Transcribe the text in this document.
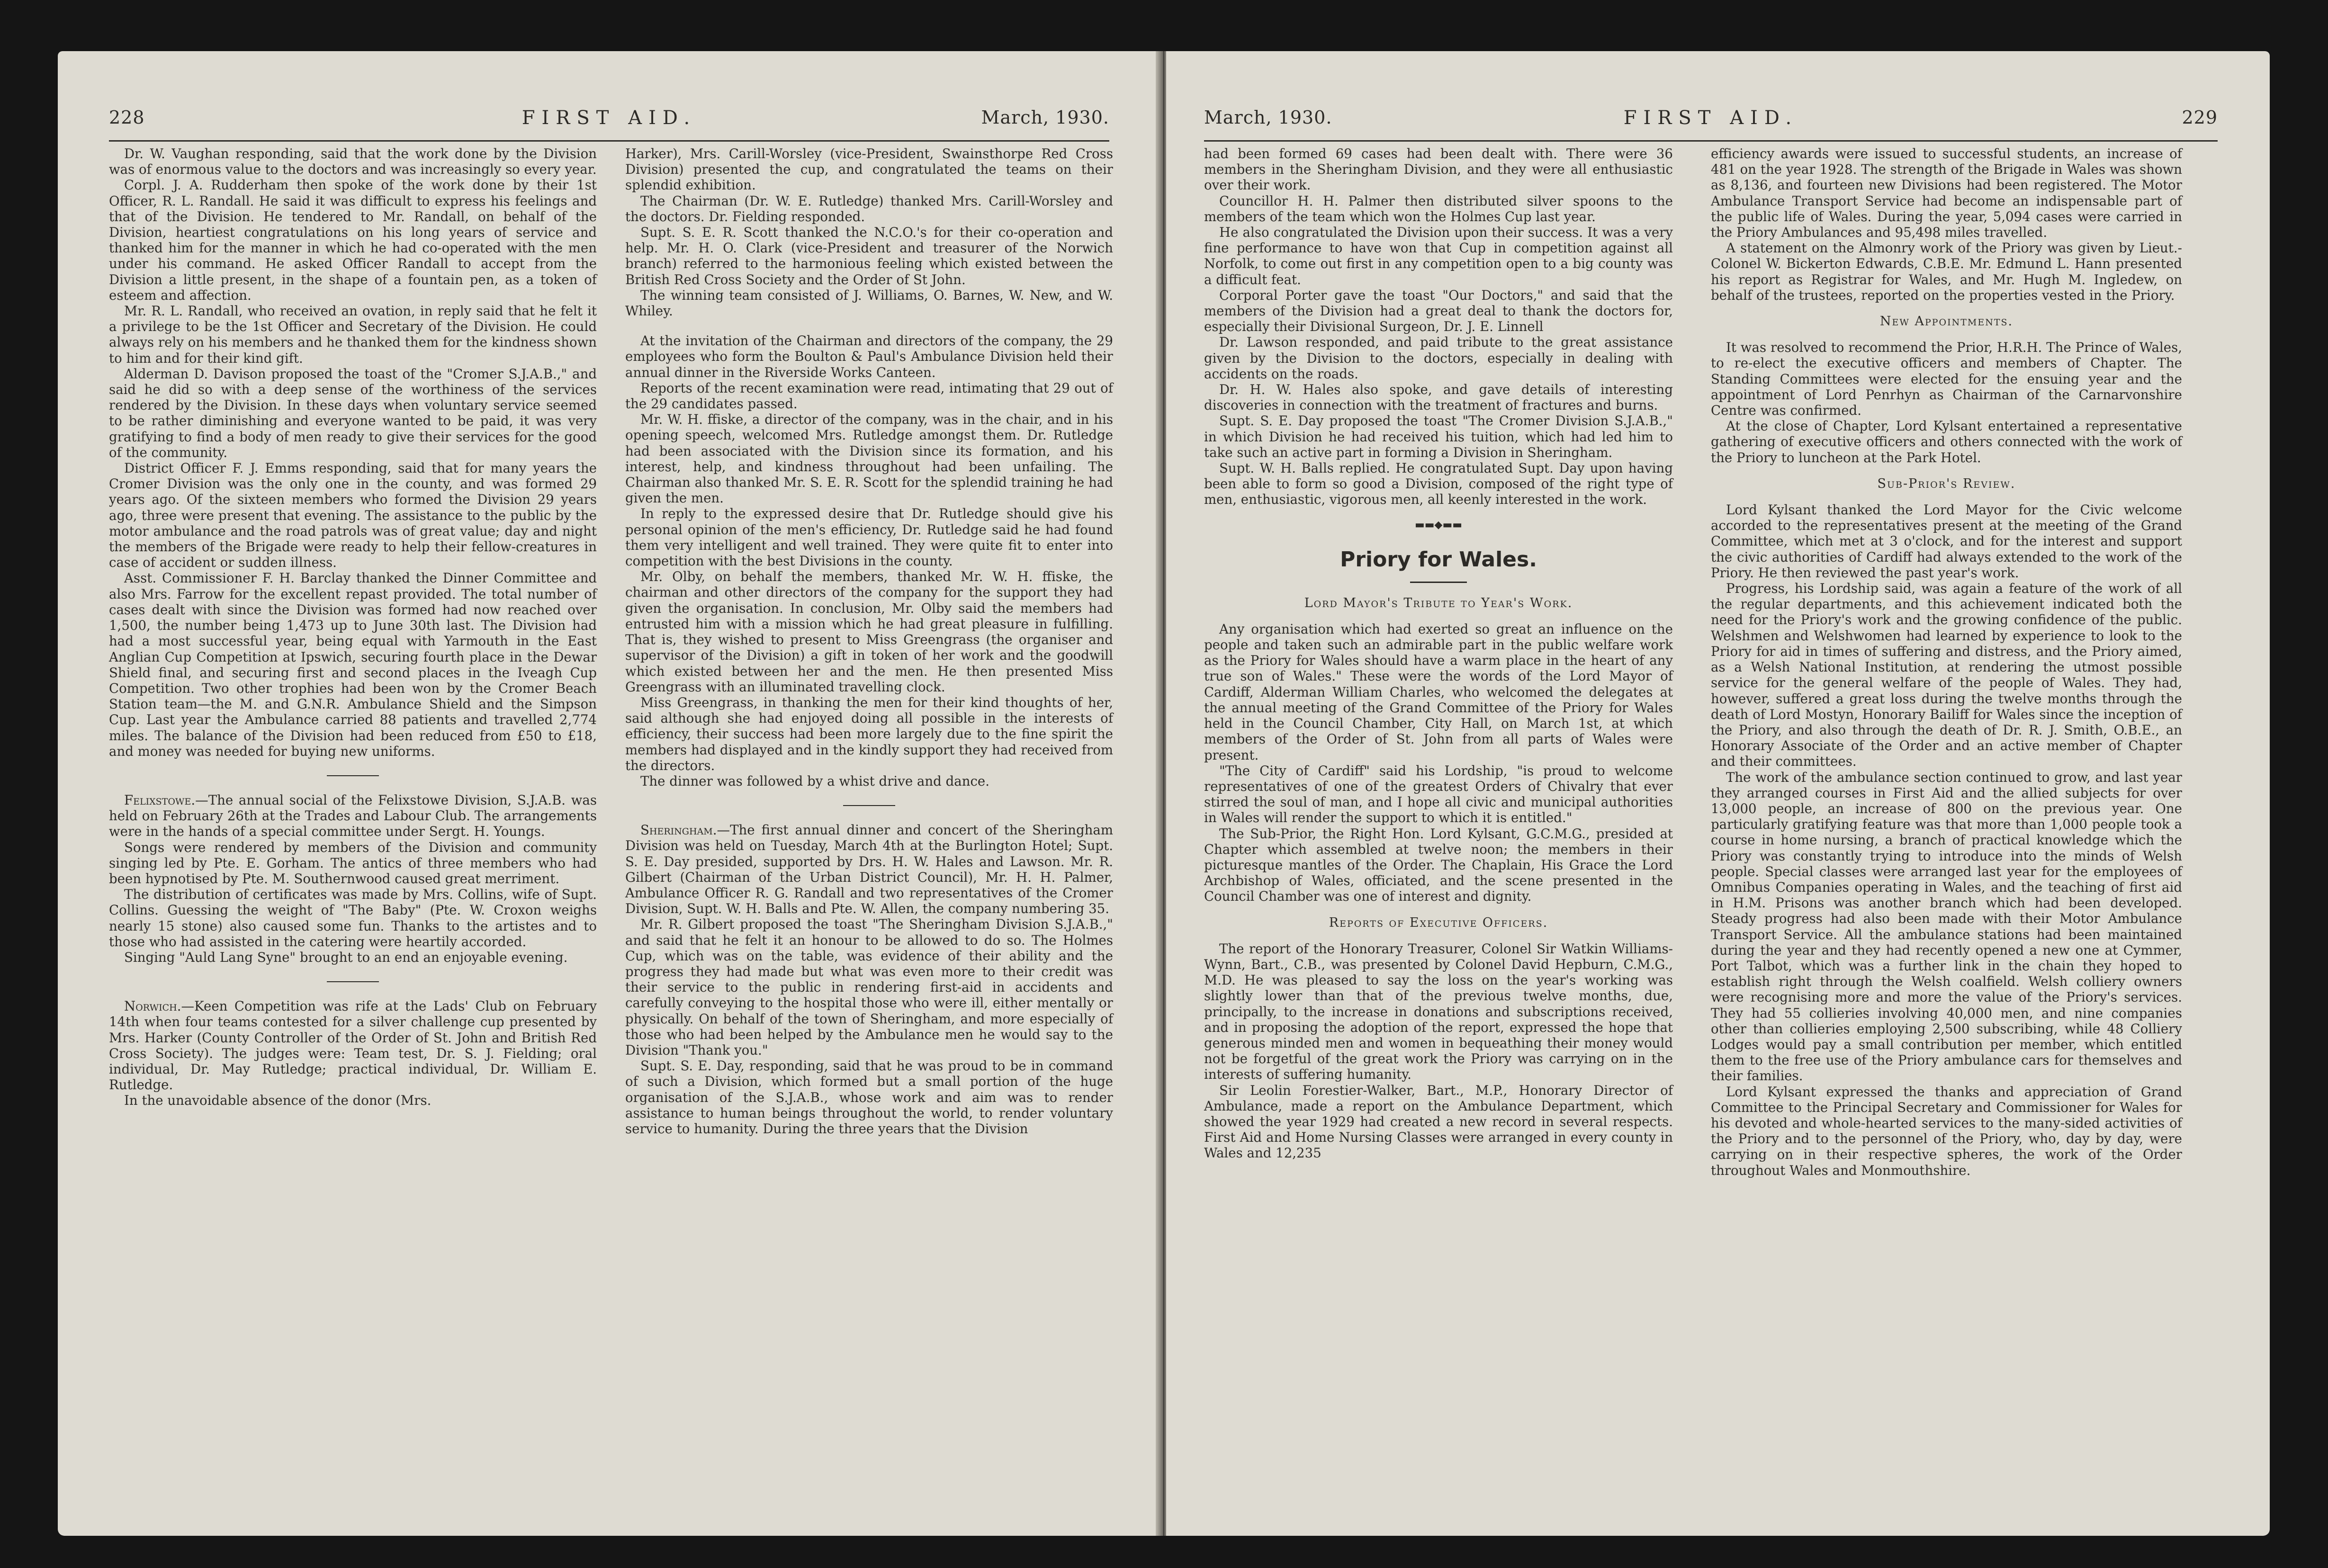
228	FIRST AID.	March, 1930.

Dr. W. Vaughan responding, said that the work done by the Division was of enormous value to the doctors and was increasingly so every year.

Corpl. J. A. Rudderham then spoke of the work done by their 1st Officer, R. L. Randall. He said it was difficult to express his feelings and that of the Division. He tendered to Mr. Randall, on behalf of the Division, heartiest congratulations on his long years of service and thanked him for the manner in which he had co-operated with the men under his command. He asked Officer Randall to accept from the Division a little present, in the shape of a fountain pen, as a token of esteem and affection.

Mr. R. L. Randall, who received an ovation, in reply said that he felt it a privilege to be the 1st Officer and Secretary of the Division. He could always rely on his members and he thanked them for the kindness shown to him and for their kind gift.

Alderman D. Davison proposed the toast of the "Cromer S.J.A.B.," and said he did so with a deep sense of the worthiness of the services rendered by the Division. In these days when voluntary service seemed to be rather diminishing and everyone wanted to be paid, it was very gratifying to find a body of men ready to give their services for the good of the community.

District Officer F. J. Emms responding, said that for many years the Cromer Division was the only one in the county, and was formed 29 years ago. Of the sixteen members who formed the Division 29 years ago, three were present that evening. The assistance to the public by the motor ambulance and the road patrols was of great value; day and night the members of the Brigade were ready to help their fellow-creatures in case of accident or sudden illness.

Asst. Commissioner F. H. Barclay thanked the Dinner Committee and also Mrs. Farrow for the excellent repast provided. The total number of cases dealt with since the Division was formed had now reached over 1,500, the number being 1,473 up to June 30th last. The Division had had a most successful year, being equal with Yarmouth in the East Anglian Cup Competition at Ipswich, securing fourth place in the Dewar Shield final, and securing first and second places in the Iveagh Cup Competition. Two other trophies had been won by the Cromer Beach Station team—the M. and G.N.R. Ambulance Shield and the Simpson Cup. Last year the Ambulance carried 88 patients and travelled 2,774 miles. The balance of the Division had been reduced from £50 to £18, and money was needed for buying new uniforms.

Felixstowe.—The annual social of the Felixstowe Division, S.J.A.B. was held on February 26th at the Trades and Labour Club. The arrangements were in the hands of a special committee under Sergt. H. Youngs.

Songs were rendered by members of the Division and community singing led by Pte. E. Gorham. The antics of three members who had been hypnotised by Pte. M. Southernwood caused great merriment.

The distribution of certificates was made by Mrs. Collins, wife of Supt. Collins. Guessing the weight of "The Baby" (Pte. W. Croxon weighs nearly 15 stone) also caused some fun. Thanks to the artistes and to those who had assisted in the catering were heartily accorded.

Singing "Auld Lang Syne" brought to an end an enjoyable evening.

Norwich.—Keen Competition was rife at the Lads' Club on February 14th when four teams contested for a silver challenge cup presented by Mrs. Harker (County Controller of the Order of St. John and British Red Cross Society). The judges were: Team test, Dr. S. J. Fielding; oral individual, Dr. May Rutledge; practical individual, Dr. William E. Rutledge.

In the unavoidable absence of the donor (Mrs.

Harker), Mrs. Carill-Worsley (vice-President, Swainsthorpe Red Cross Division) presented the cup, and congratulated the teams on their splendid exhibition.

The Chairman (Dr. W. E. Rutledge) thanked Mrs. Carill-Worsley and the doctors. Dr. Fielding responded.

Supt. S. E. R. Scott thanked the N.C.O.'s for their co-operation and help. Mr. H. O. Clark (vice-President and treasurer of the Norwich branch) referred to the harmonious feeling which existed between the British Red Cross Society and the Order of St John.

The winning team consisted of J. Williams, O. Barnes, W. New, and W. Whiley.

At the invitation of the Chairman and directors of the company, the 29 employees who form the Boulton & Paul's Ambulance Division held their annual dinner in the Riverside Works Canteen.

Reports of the recent examination were read, intimating that 29 out of the 29 candidates passed.

Mr. W. H. ffiske, a director of the company, was in the chair, and in his opening speech, welcomed Mrs. Rutledge amongst them. Dr. Rutledge had been associated with the Division since its formation, and his interest, help, and kindness throughout had been unfailing. The Chairman also thanked Mr. S. E. R. Scott for the splendid training he had given the men.

In reply to the expressed desire that Dr. Rutledge should give his personal opinion of the men's efficiency, Dr. Rutledge said he had found them very intelligent and well trained. They were quite fit to enter into competition with the best Divisions in the county.

Mr. Olby, on behalf the members, thanked Mr. W. H. ffiske, the chairman and other directors of the company for the support they had given the organisation. In conclusion, Mr. Olby said the members had entrusted him with a mission which he had great pleasure in fulfilling. That is, they wished to present to Miss Greengrass (the organiser and supervisor of the Division) a gift in token of her work and the goodwill which existed between her and the men. He then presented Miss Greengrass with an illuminated travelling clock.

Miss Greengrass, in thanking the men for their kind thoughts of her, said although she had enjoyed doing all possible in the interests of efficiency, their success had been more largely due to the fine spirit the members had displayed and in the kindly support they had received from the directors.

The dinner was followed by a whist drive and dance.

Sheringham.—The first annual dinner and concert of the Sheringham Division was held on Tuesday, March 4th at the Burlington Hotel; Supt. S. E. Day presided, supported by Drs. H. W. Hales and Lawson. Mr. R. Gilbert (Chairman of the Urban District Council), Mr. H. H. Palmer, Ambulance Officer R. G. Randall and two representatives of the Cromer Division, Supt. W. H. Balls and Pte. W. Allen, the company numbering 35.

Mr. R. Gilbert proposed the toast "The Sheringham Division S.J.A.B.," and said that he felt it an honour to be allowed to do so. The Holmes Cup, which was on the table, was evidence of their ability and the progress they had made but what was even more to their credit was their service to the public in rendering first-aid in accidents and carefully conveying to the hospital those who were ill, either mentally or physically. On behalf of the town of Sheringham, and more especially of those who had been helped by the Ambulance men he would say to the Division "Thank you."

Supt. S. E. Day, responding, said that he was proud to be in command of such a Division, which formed but a small portion of the huge organisation of the S.J.A.B., whose work and aim was to render assistance to human beings throughout the world, to render voluntary service to humanity. During the three years that the Division

March, 1930.	FIRST AID.	229

had been formed 69 cases had been dealt with. There were 36 members in the Sheringham Division, and they were all enthusiastic over their work.

Councillor H. H. Palmer then distributed silver spoons to the members of the team which won the Holmes Cup last year.

He also congratulated the Division upon their success. It was a very fine performance to have won that Cup in competition against all Norfolk, to come out first in any competition open to a big county was a difficult feat.

Corporal Porter gave the toast "Our Doctors," and said that the members of the Division had a great deal to thank the doctors for, especially their Divisional Surgeon, Dr. J. E. Linnell

Dr. Lawson responded, and paid tribute to the great assistance given by the Division to the doctors, especially in dealing with accidents on the roads.

Dr. H. W. Hales also spoke, and gave details of interesting discoveries in connection with the treatment of fractures and burns.

Supt. S. E. Day proposed the toast "The Cromer Division S.J.A.B.," in which Division he had received his tuition, which had led him to take such an active part in forming a Division in Sheringham.

Supt. W. H. Balls replied. He congratulated Supt. Day upon having been able to form so good a Division, composed of the right type of men, enthusiastic, vigorous men, all keenly interested in the work.

▬▬◆▬▬
Priory for Wales.
Lord Mayor's Tribute to Year's Work.

Any organisation which had exerted so great an influence on the people and taken such an admirable part in the public welfare work as the Priory for Wales should have a warm place in the heart of any true son of Wales." These were the words of the Lord Mayor of Cardiff, Alderman William Charles, who welcomed the delegates at the annual meeting of the Grand Committee of the Priory for Wales held in the Council Chamber, City Hall, on March 1st, at which members of the Order of St. John from all parts of Wales were present.

"The City of Cardiff" said his Lordship, "is proud to welcome representatives of one of the greatest Orders of Chivalry that ever stirred the soul of man, and I hope all civic and municipal authorities in Wales will render the support to which it is entitled."

The Sub-Prior, the Right Hon. Lord Kylsant, G.C.M.G., presided at Chapter which assembled at twelve noon; the members in their picturesque mantles of the Order. The Chaplain, His Grace the Lord Archbishop of Wales, officiated, and the scene presented in the Council Chamber was one of interest and dignity.

Reports of Executive Officers.

The report of the Honorary Treasurer, Colonel Sir Watkin Williams-Wynn, Bart., C.B., was presented by Colonel David Hepburn, C.M.G., M.D. He was pleased to say the loss on the year's working was slightly lower than that of the previous twelve months, due, principally, to the increase in donations and subscriptions received, and in proposing the adoption of the report, expressed the hope that generous minded men and women in bequeathing their money would not be forgetful of the great work the Priory was carrying on in the interests of suffering humanity.

Sir Leolin Forestier-Walker, Bart., M.P., Honorary Director of Ambulance, made a report on the Ambulance Department, which showed the year 1929 had created a new record in several respects. First Aid and Home Nursing Classes were arranged in every county in Wales and 12,235

efficiency awards were issued to successful students, an increase of 481 on the year 1928. The strength of the Brigade in Wales was shown as 8,136, and fourteen new Divisions had been registered. The Motor Ambulance Transport Service had become an indispensable part of the public life of Wales. During the year, 5,094 cases were carried in the Priory Ambulances and 95,498 miles travelled.

A statement on the Almonry work of the Priory was given by Lieut.-Colonel W. Bickerton Edwards, C.B.E. Mr. Edmund L. Hann presented his report as Registrar for Wales, and Mr. Hugh M. Ingledew, on behalf of the trustees, reported on the properties vested in the Priory.

New Appointments.

It was resolved to recommend the Prior, H.R.H. The Prince of Wales, to re-elect the executive officers and members of Chapter. The Standing Committees were elected for the ensuing year and the appointment of Lord Penrhyn as Chairman of the Carnarvonshire Centre was confirmed.

At the close of Chapter, Lord Kylsant entertained a representative gathering of executive officers and others connected with the work of the Priory to luncheon at the Park Hotel.

Sub-Prior's Review.

Lord Kylsant thanked the Lord Mayor for the Civic welcome accorded to the representatives present at the meeting of the Grand Committee, which met at 3 o'clock, and for the interest and support the civic authorities of Cardiff had always extended to the work of the Priory. He then reviewed the past year's work.

Progress, his Lordship said, was again a feature of the work of all the regular departments, and this achievement indicated both the need for the Priory's work and the growing confidence of the public. Welshmen and Welshwomen had learned by experience to look to the Priory for aid in times of suffering and distress, and the Priory aimed, as a Welsh National Institution, at rendering the utmost possible service for the general welfare of the people of Wales. They had, however, suffered a great loss during the twelve months through the death of Lord Mostyn, Honorary Bailiff for Wales since the inception of the Priory, and also through the death of Dr. R. J. Smith, O.B.E., an Honorary Associate of the Order and an active member of Chapter and their committees.

The work of the ambulance section continued to grow, and last year they arranged courses in First Aid and the allied subjects for over 13,000 people, an increase of 800 on the previous year. One particularly gratifying feature was that more than 1,000 people took a course in home nursing, a branch of practical knowledge which the Priory was constantly trying to introduce into the minds of Welsh people. Special classes were arranged last year for the employees of Omnibus Companies operating in Wales, and the teaching of first aid in H.M. Prisons was another branch which had been developed. Steady progress had also been made with their Motor Ambulance Transport Service. All the ambulance stations had been maintained during the year and they had recently opened a new one at Cymmer, Port Talbot, which was a further link in the chain they hoped to establish right through the Welsh coalfield. Welsh colliery owners were recognising more and more the value of the Priory's services. They had 55 collieries involving 40,000 men, and nine companies other than collieries employing 2,500 subscribing, while 48 Colliery Lodges would pay a small contribution per member, which entitled them to the free use of the Priory ambulance cars for themselves and their families.

Lord Kylsant expressed the thanks and appreciation of Grand Committee to the Principal Secretary and Commissioner for Wales for his devoted and whole-hearted services to the many-sided activities of the Priory and to the personnel of the Priory, who, day by day, were carrying on in their respective spheres, the work of the Order throughout Wales and Monmouthshire.
